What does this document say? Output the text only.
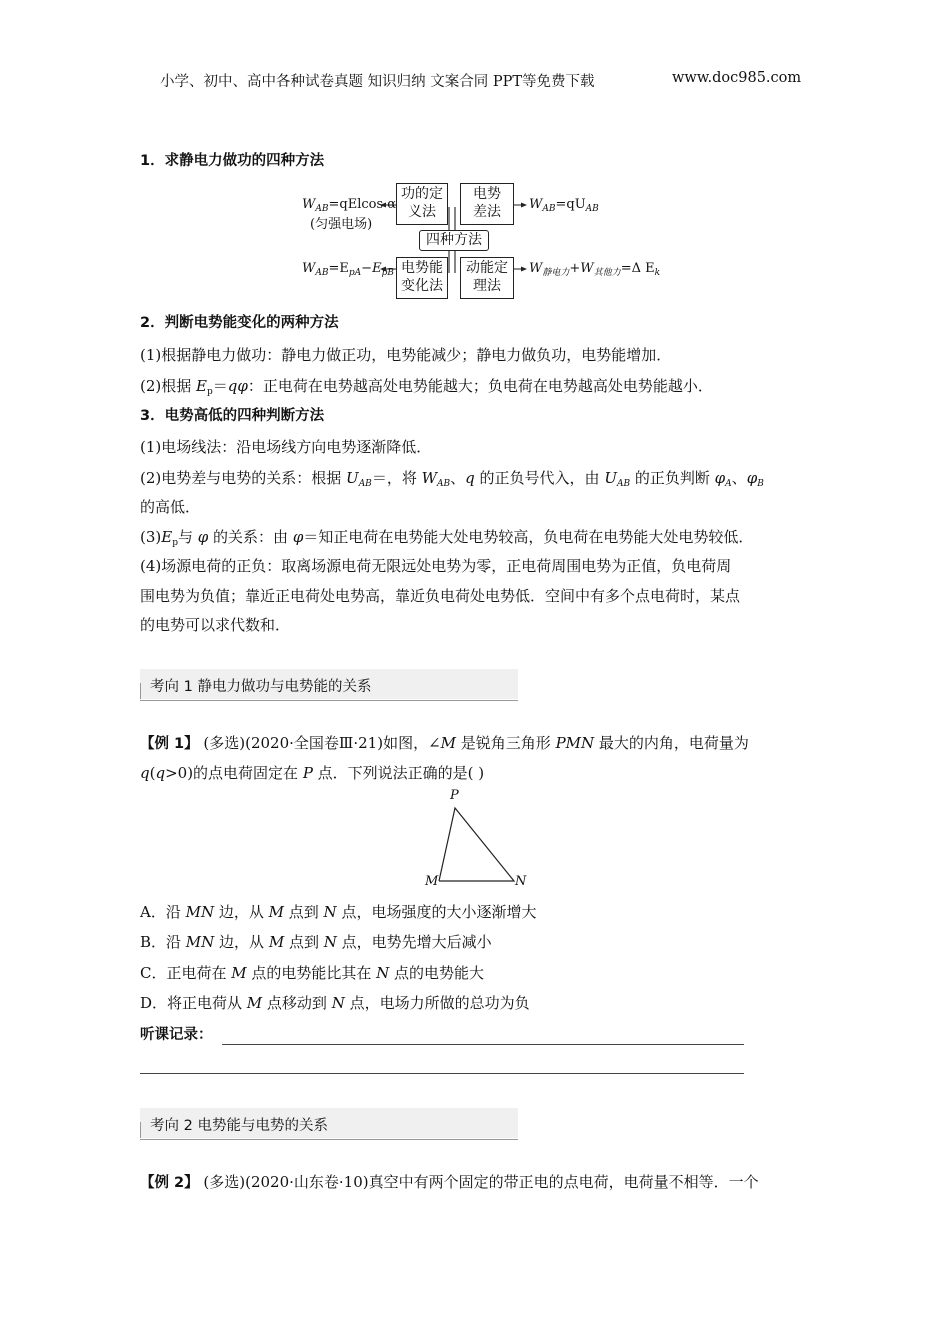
小学、初中、高中各种试卷真题 知识归纳 文案合同 PPT等免费下载	www.doc985.com
1．求静电力做功的四种方法
功的定
义法
电势
差法
四种方法
电势能
变化法
动能定
理法
$W_{AB}=qElcos$ α
(匀强电场)
$W_{AB}=qU_{AB}$
$W_{AB}=E_{pA}-E_{pB}$	$W_{静电力}+W_{其他力}=\Delta$ $E_k$
2．判断电势能变化的两种方法
(1)根据静电力做功：静电力做正功，电势能减少；静电力做负功，电势能增加．
(2)根据 $E_p=q\varphi$：正电荷在电势越高处电势能越大；负电荷在电势越高处电势能越小．
3．电势高低的四种判断方法
(1)电场线法：沿电场线方向电势逐渐降低．
(2)电势差与电势的关系：根据 $U_{AB}=$，将 $W_{AB}$、q 的正负号代入，由 $U_{AB}$ 的正负判断 $\varphi_A$、$\varphi_B$
的高低．
$(3)E_p$与 φ 的关系：由 φ＝知正电荷在电势能大处电势较高，负电荷在电势能大处电势较低．
(4)场源电荷的正负：取离场源电荷无限远处电势为零，正电荷周围电势为正值，负电荷周
围电势为负值；靠近正电荷处电势高，靠近负电荷处电势低．空间中有多个点电荷时，某点
的电势可以求代数和．
考向 1 静电力做功与电势能的关系
【例 1】 (多选)(2020·全国卷Ⅲ·21)如图，∠M 是锐角三角形 PMN 最大的内角，电荷量为
q(q>0)的点电荷固定在 P 点．下列说法正确的是( )
P
M	N
A．沿 MN 边，从 M 点到 N 点，电场强度的大小逐渐增大
B．沿 MN 边，从 M 点到 N 点，电势先增大后减小
C．正电荷在 M 点的电势能比其在 N 点的电势能大
D．将正电荷从 M 点移动到 N 点，电场力所做的总功为负
听课记录：
考向 2 电势能与电势的关系
【例 2】 (多选)(2020·山东卷·10)真空中有两个固定的带正电的点电荷，电荷量不相等．一个
